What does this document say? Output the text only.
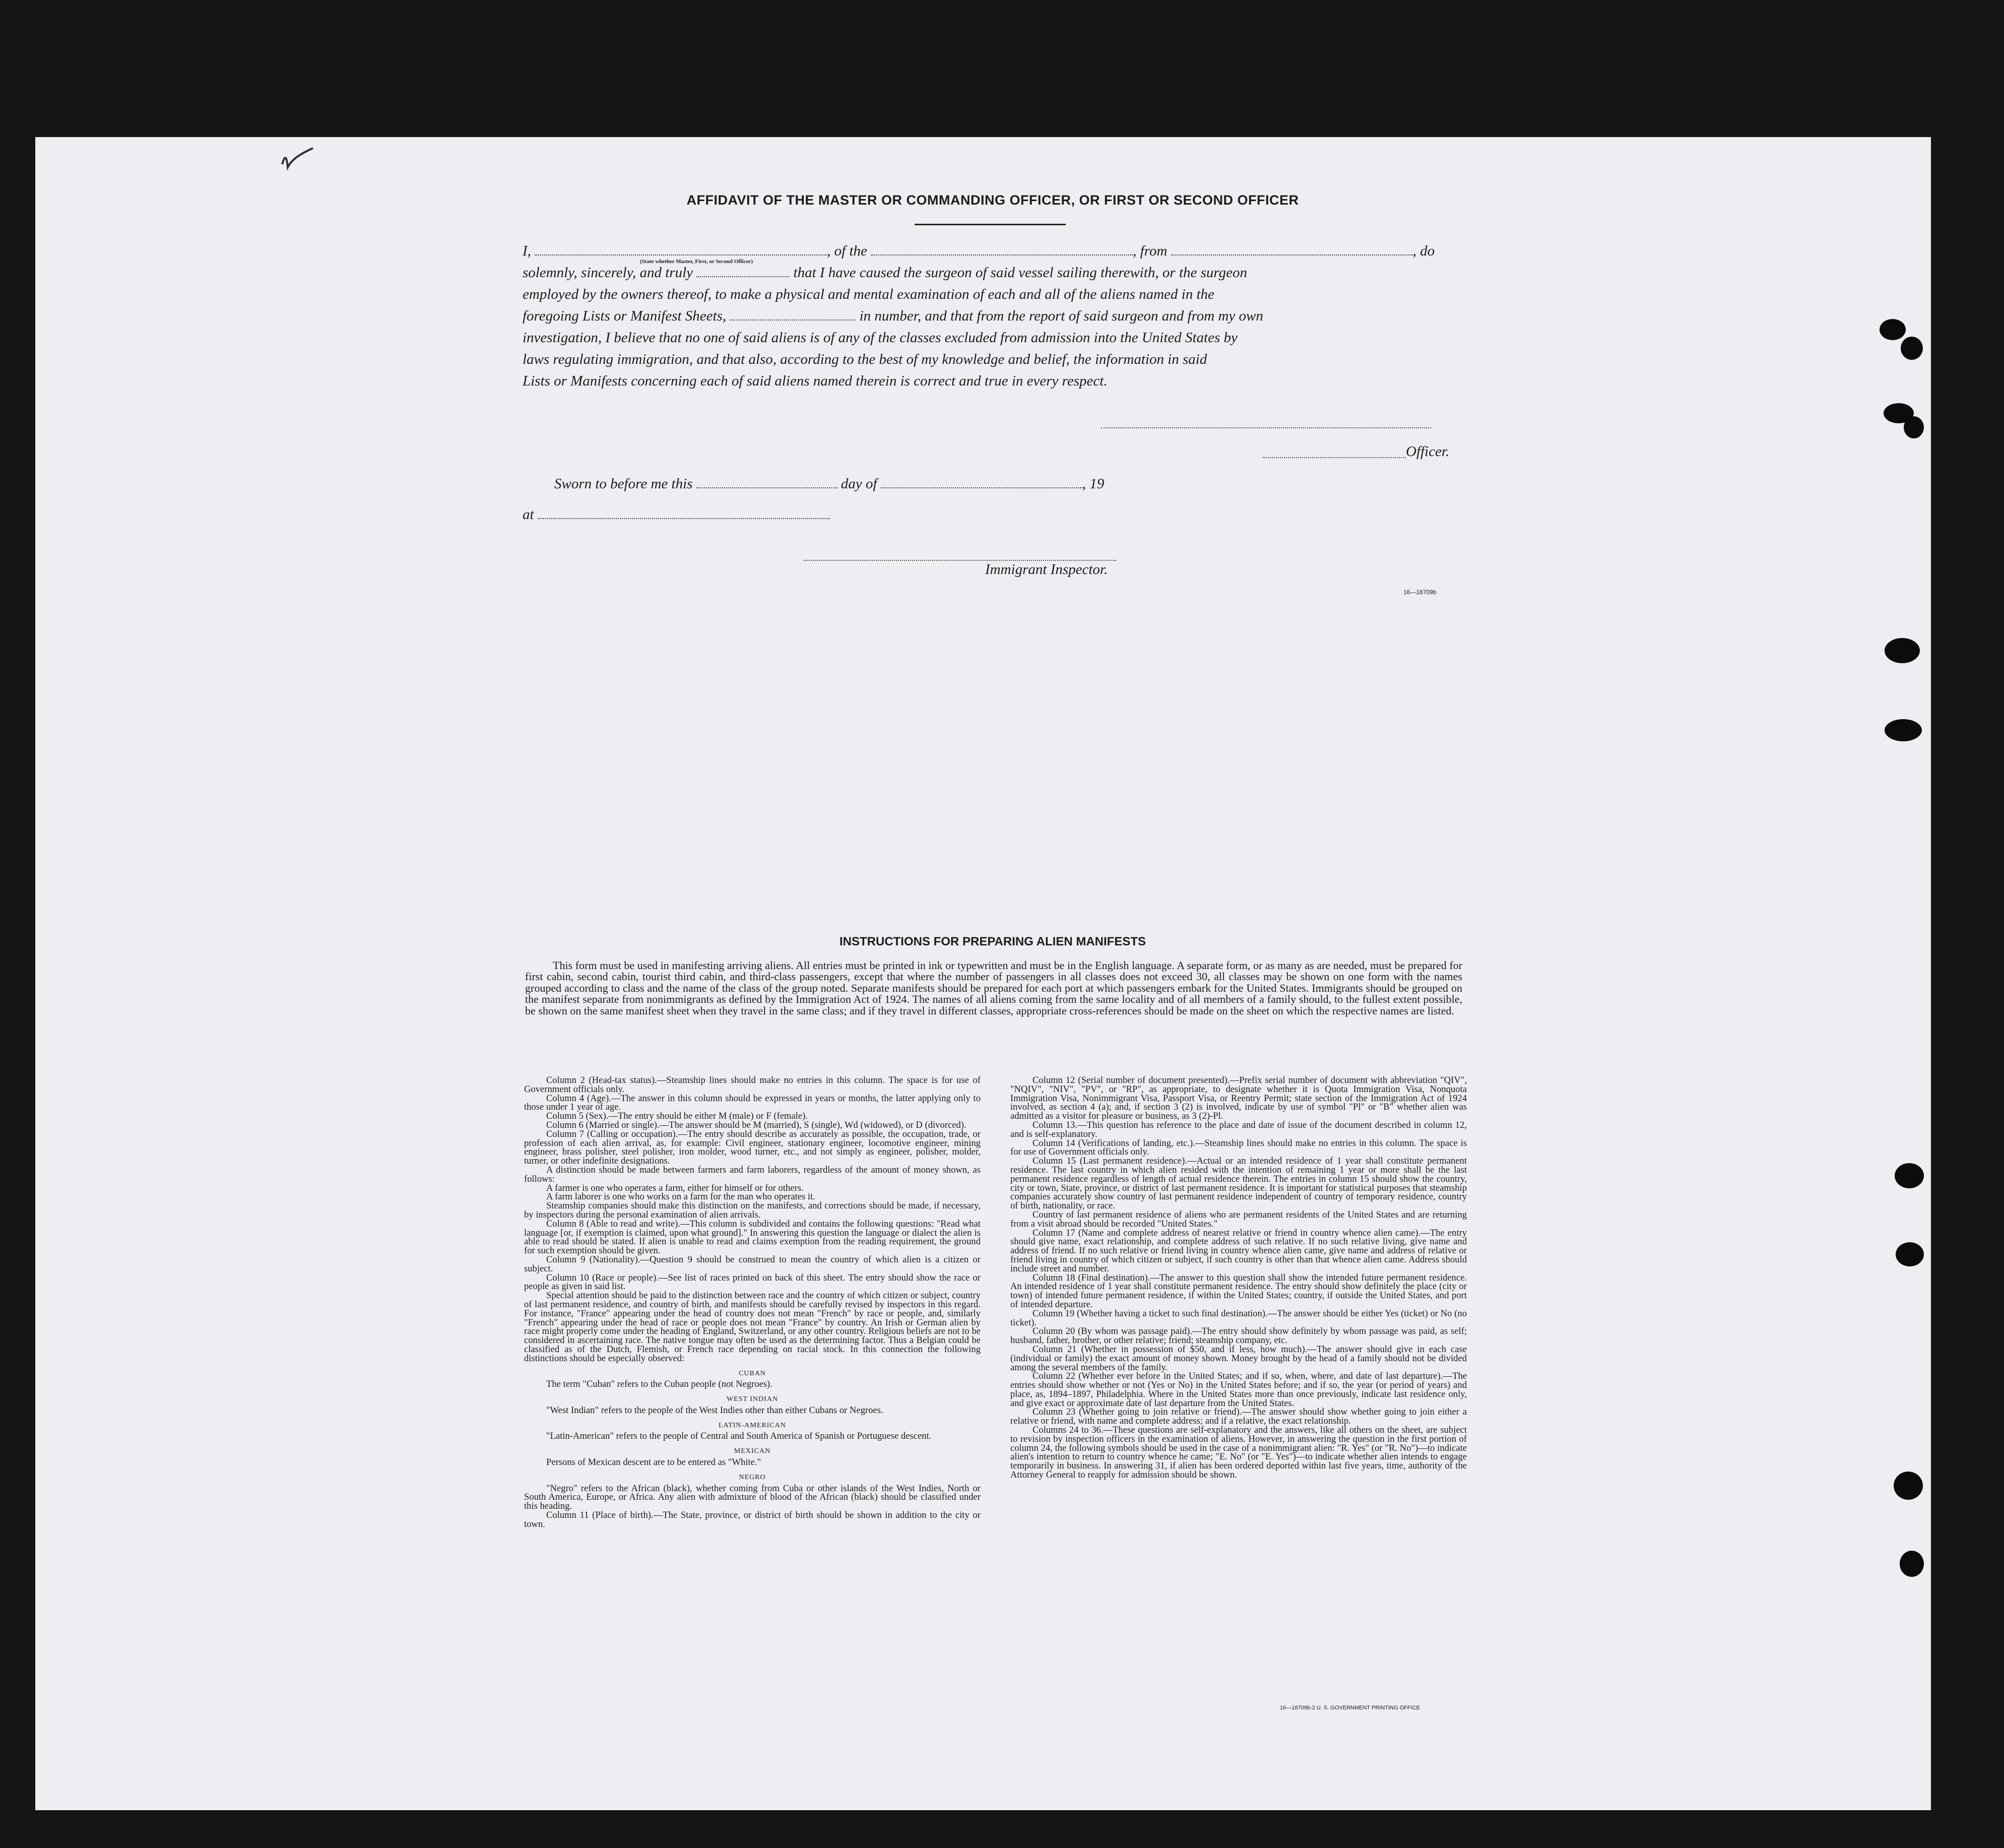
AFFIDAVIT OF THE MASTER OR COMMANDING OFFICER, OR FIRST OR SECOND OFFICER
I,	, of the	, from	, do
(State whether Master, First, or Second Officer)
solemnly, sincerely, and truly	that I have caused the surgeon of said vessel sailing therewith, or the surgeon
employed by the owners thereof, to make a physical and mental examination of each and all of the aliens named in the
foregoing Lists or Manifest Sheets,	in number, and that from the report of said surgeon and from my own
investigation, I believe that no one of said aliens is of any of the classes excluded from admission into the United States by
laws regulating immigration, and that also, according to the best of my knowledge and belief, the information in said
Lists or Manifests concerning each of said aliens named therein is correct and true in every respect.
Officer.
Sworn to before me this	day of	, 19
at
Immigrant Inspector.
16—18709b
INSTRUCTIONS FOR PREPARING ALIEN MANIFESTS
This form must be used in manifesting arriving aliens. All entries must be printed in ink or typewritten and must be in the English language. A separate form, or as many as are needed, must be prepared for first cabin, second cabin, tourist third cabin, and third-class passengers, except that where the number of passengers in all classes does not exceed 30, all classes may be shown on one form with the names grouped according to class and the name of the class of the group noted. Separate manifests should be prepared for each port at which passengers embark for the United States. Immigrants should be grouped on the manifest separate from nonimmigrants as defined by the Immigration Act of 1924. The names of all aliens coming from the same locality and of all members of a family should, to the fullest extent possible, be shown on the same manifest sheet when they travel in the same class; and if they travel in different classes, appropriate cross-references should be made on the sheet on which the respective names are listed.

Column 2 (Head-tax status).—Steamship lines should make no entries in this column. The space is for use of Government officials only.

Column 4 (Age).—The answer in this column should be expressed in years or months, the latter applying only to those under 1 year of age.

Column 5 (Sex).—The entry should be either M (male) or F (female).

Column 6 (Married or single).—The answer should be M (married), S (single), Wd (widowed), or D (divorced).

Column 7 (Calling or occupation).—The entry should describe as accurately as possible, the occupation, trade, or profession of each alien arrival, as, for example: Civil engineer, stationary engineer, locomotive engineer, mining engineer, brass polisher, steel polisher, iron molder, wood turner, etc., and not simply as engineer, polisher, molder, turner, or other indefinite designations.

A distinction should be made between farmers and farm laborers, regardless of the amount of money shown, as follows:

A farmer is one who operates a farm, either for himself or for others.

A farm laborer is one who works on a farm for the man who operates it.

Steamship companies should make this distinction on the manifests, and corrections should be made, if necessary, by inspectors during the personal examination of alien arrivals.

Column 8 (Able to read and write).—This column is subdivided and contains the following questions: "Read what language [or, if exemption is claimed, upon what ground]." In answering this question the language or dialect the alien is able to read should be stated. If alien is unable to read and claims exemption from the reading requirement, the ground for such exemption should be given.

Column 9 (Nationality).—Question 9 should be construed to mean the country of which alien is a citizen or subject.

Column 10 (Race or people).—See list of races printed on back of this sheet. The entry should show the race or people as given in said list.

Special attention should be paid to the distinction between race and the country of which citizen or subject, country of last permanent residence, and country of birth, and manifests should be carefully revised by inspectors in this regard. For instance, "France" appearing under the head of country does not mean "French" by race or people, and, similarly "French" appearing under the head of race or people does not mean "France" by country. An Irish or German alien by race might properly come under the heading of England, Switzerland, or any other country. Religious beliefs are not to be considered in ascertaining race. The native tongue may often be used as the determining factor. Thus a Belgian could be classified as of the Dutch, Flemish, or French race depending on racial stock. In this connection the following distinctions should be especially observed:

CUBAN

The term "Cuban" refers to the Cuban people (not Negroes).

WEST INDIAN

"West Indian" refers to the people of the West Indies other than either Cubans or Negroes.

LATIN-AMERICAN

"Latin-American" refers to the people of Central and South America of Spanish or Portuguese descent.

MEXICAN

Persons of Mexican descent are to be entered as "White."

NEGRO

"Negro" refers to the African (black), whether coming from Cuba or other islands of the West Indies, North or South America, Europe, or Africa. Any alien with admixture of blood of the African (black) should be classified under this heading.

Column 11 (Place of birth).—The State, province, or district of birth should be shown in addition to the city or town.

Column 12 (Serial number of document presented).—Prefix serial number of document with abbreviation "QIV", "NQIV", "NIV", "PV", or "RP", as appropriate, to designate whether it is Quota Immigration Visa, Nonquota Immigration Visa, Nonimmigrant Visa, Passport Visa, or Reentry Permit; state section of the Immigration Act of 1924 involved, as section 4 (a); and, if section 3 (2) is involved, indicate by use of symbol "Pl" or "B" whether alien was admitted as a visitor for pleasure or business, as 3 (2)-Pl.

Column 13.—This question has reference to the place and date of issue of the document described in column 12, and is self-explanatory.

Column 14 (Verifications of landing, etc.).—Steamship lines should make no entries in this column. The space is for use of Government officials only.

Column 15 (Last permanent residence).—Actual or an intended residence of 1 year shall constitute permanent residence. The last country in which alien resided with the intention of remaining 1 year or more shall be the last permanent residence regardless of length of actual residence therein. The entries in column 15 should show the country, city or town, State, province, or district of last permanent residence. It is important for statistical purposes that steamship companies accurately show country of last permanent residence independent of country of temporary residence, country of birth, nationality, or race.

Country of last permanent residence of aliens who are permanent residents of the United States and are returning from a visit abroad should be recorded "United States."

Column 17 (Name and complete address of nearest relative or friend in country whence alien came).—The entry should give name, exact relationship, and complete address of such relative. If no such relative living, give name and address of friend. If no such relative or friend living in country whence alien came, give name and address of relative or friend living in country of which citizen or subject, if such country is other than that whence alien came. Address should include street and number.

Column 18 (Final destination).—The answer to this question shall show the intended future permanent residence. An intended residence of 1 year shall constitute permanent residence. The entry should show definitely the place (city or town) of intended future permanent residence, if within the United States; country, if outside the United States, and port of intended departure.

Column 19 (Whether having a ticket to such final destination).—The answer should be either Yes (ticket) or No (no ticket).

Column 20 (By whom was passage paid).—The entry should show definitely by whom passage was paid, as self; husband, father, brother, or other relative; friend; steamship company, etc.

Column 21 (Whether in possession of $50, and if less, how much).—The answer should give in each case (individual or family) the exact amount of money shown. Money brought by the head of a family should not be divided among the several members of the family.

Column 22 (Whether ever before in the United States; and if so, when, where, and date of last departure).—The entries should show whether or not (Yes or No) in the United States before; and if so, the year (or period of years) and place, as, 1894–1897, Philadelphia. Where in the United States more than once previously, indicate last residence only, and give exact or approximate date of last departure from the United States.

Column 23 (Whether going to join relative or friend).—The answer should show whether going to join either a relative or friend, with name and complete address; and if a relative, the exact relationship.

Columns 24 to 36.—These questions are self-explanatory and the answers, like all others on the sheet, are subject to revision by inspection officers in the examination of aliens. However, in answering the question in the first portion of column 24, the following symbols should be used in the case of a nonimmigrant alien: "R. Yes" (or "R. No")—to indicate alien's intention to return to country whence he came; "E. No" (or "E. Yes")—to indicate whether alien intends to engage temporarily in business. In answering 31, if alien has been ordered deported within last five years, time, authority of the Attorney General to reapply for admission should be shown.

16—18709b-2 U. S. GOVERNMENT PRINTING OFFICE
